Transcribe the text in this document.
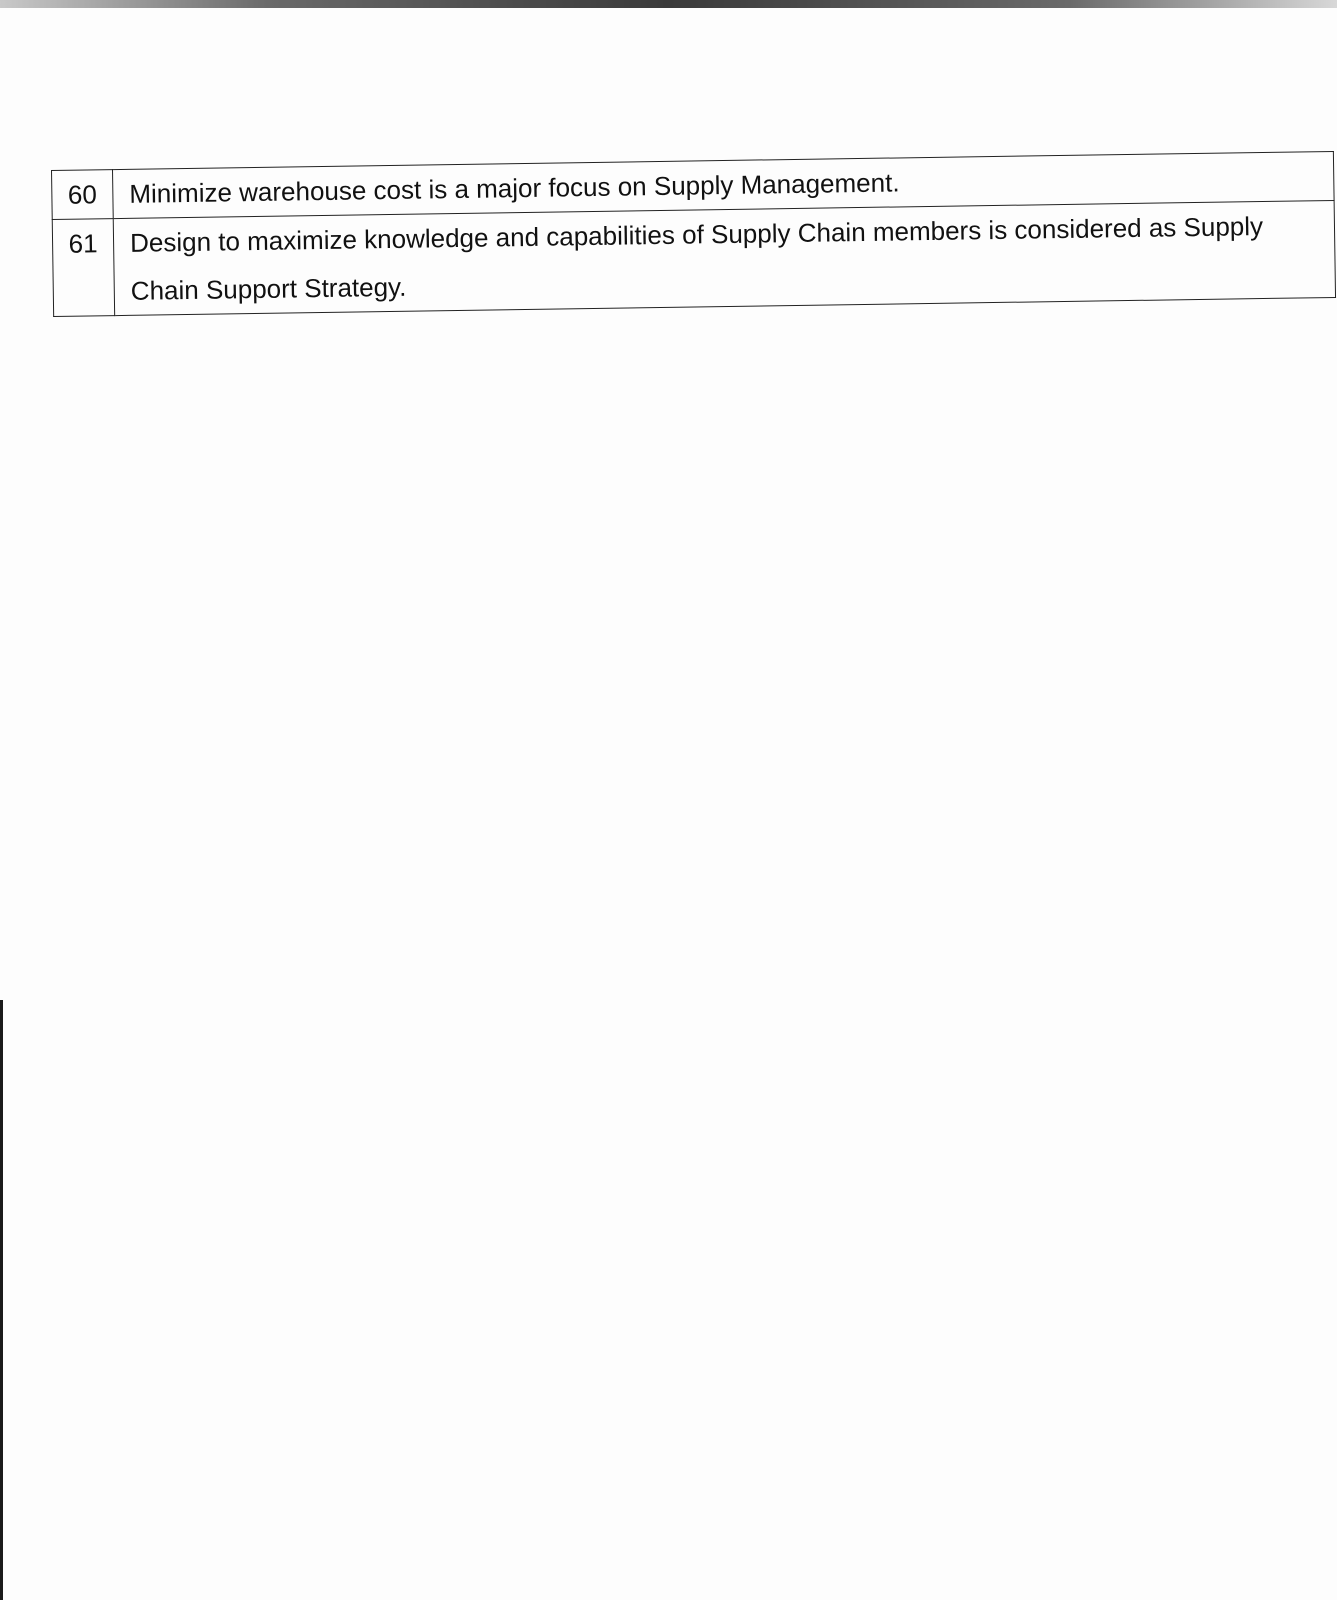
60	Minimize warehouse cost is a major focus on Supply Management.
61	Design to maximize knowledge and capabilities of Supply Chain members is considered as Supply Chain Support Strategy.
